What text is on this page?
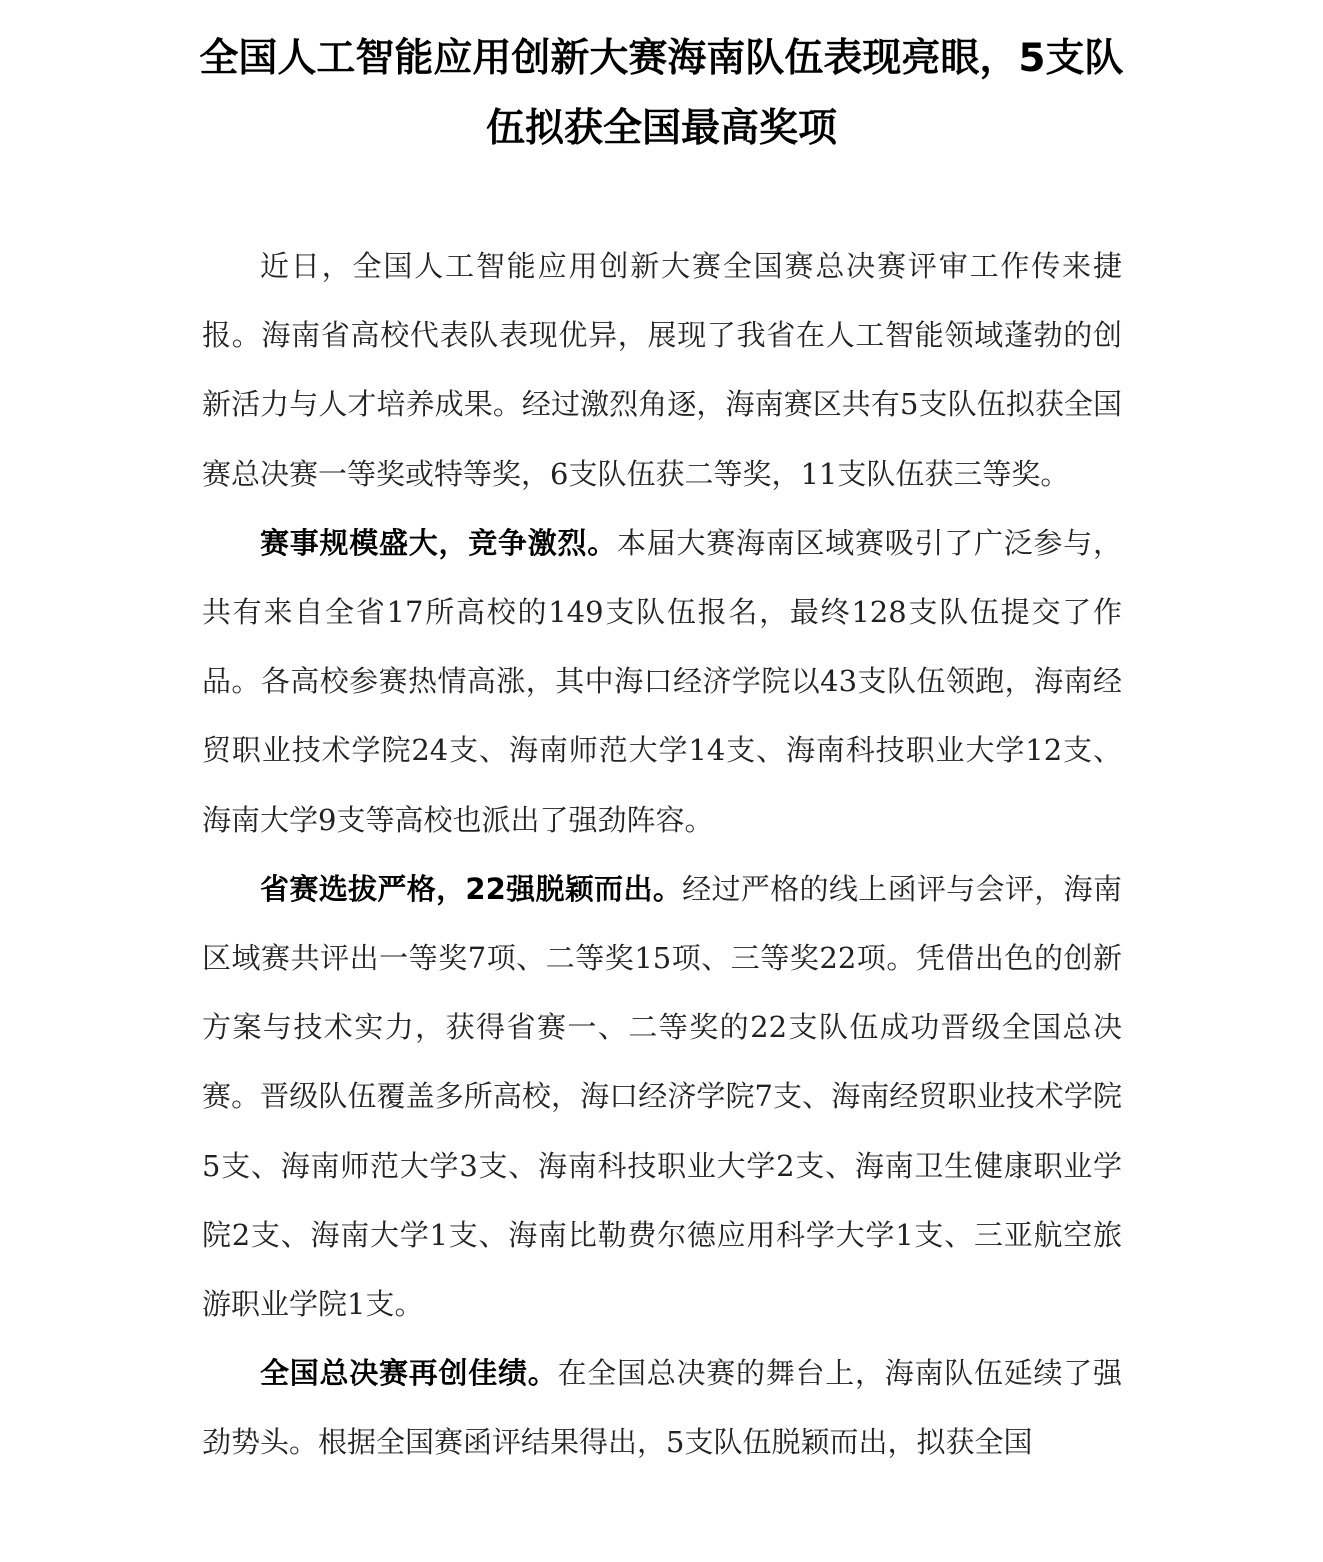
全国人工智能应用创新大赛海南队伍表现亮眼，5支队伍拟获全国最高奖项

近日，全国人工智能应用创新大赛全国赛总决赛评审工作传来捷报。海南省高校代表队表现优异，展现了我省在人工智能领域蓬勃的创新活力与人才培养成果。经过激烈角逐，海南赛区共有5支队伍拟获全国赛总决赛一等奖或特等奖，6支队伍获二等奖，11支队伍获三等奖。

赛事规模盛大，竞争激烈。本届大赛海南区域赛吸引了广泛参与，共有来自全省17所高校的149支队伍报名，最终128支队伍提交了作品。各高校参赛热情高涨，其中海口经济学院以43支队伍领跑，海南经贸职业技术学院24支、海南师范大学14支、海南科技职业大学12支、海南大学9支等高校也派出了强劲阵容。

省赛选拔严格，22强脱颖而出。经过严格的线上函评与会评，海南区域赛共评出一等奖7项、二等奖15项、三等奖22项。凭借出色的创新方案与技术实力，获得省赛一、二等奖的22支队伍成功晋级全国总决赛。晋级队伍覆盖多所高校，海口经济学院7支、海南经贸职业技术学院5支、海南师范大学3支、海南科技职业大学2支、海南卫生健康职业学院2支、海南大学1支、海南比勒费尔德应用科学大学1支、三亚航空旅游职业学院1支。

全国总决赛再创佳绩。在全国总决赛的舞台上，海南队伍延续了强劲势头。根据全国赛函评结果得出，5支队伍脱颖而出，拟获全国
